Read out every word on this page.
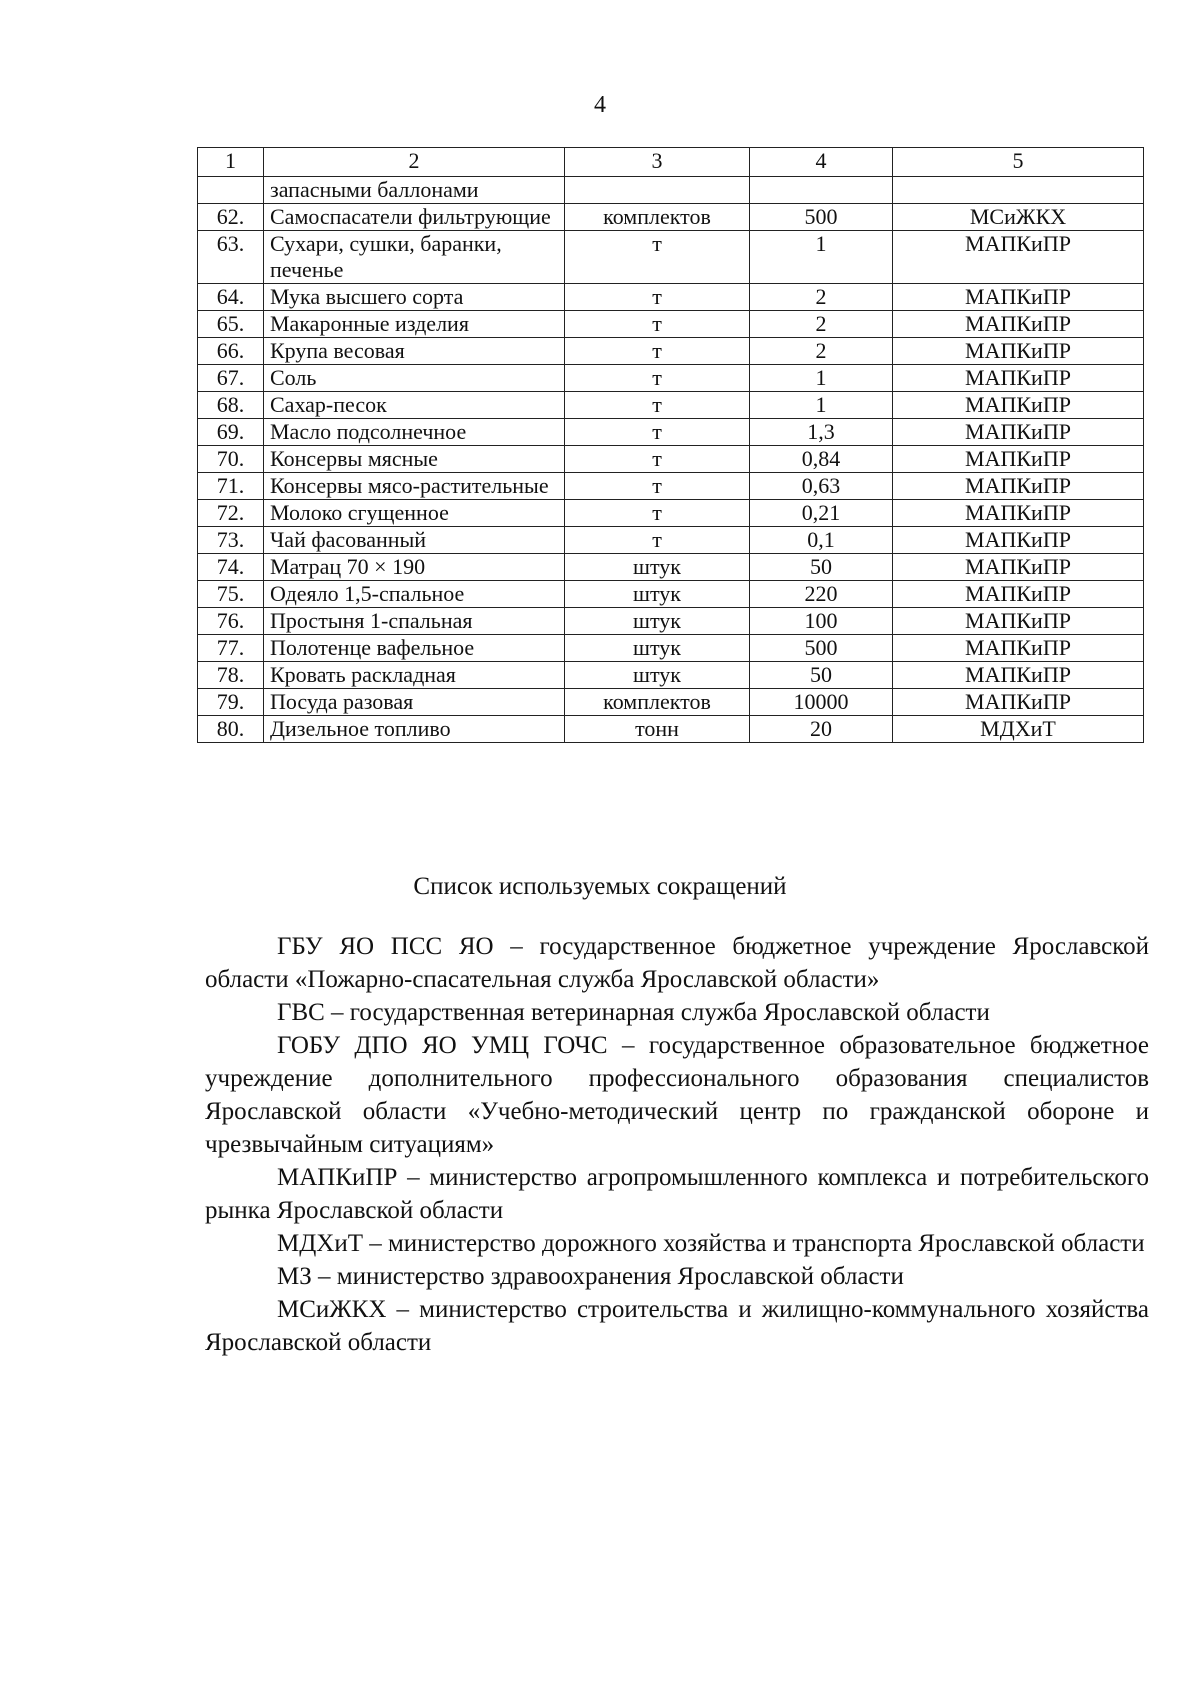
4
1	2	3	4	5
	запасными баллонами			
62.	Самоспасатели фильтрующие	комплектов	500	МСиЖКХ
63.	Сухари, сушки, баранки, печенье	т	1	МАПКиПР
64.	Мука высшего сорта	т	2	МАПКиПР
65.	Макаронные изделия	т	2	МАПКиПР
66.	Крупа весовая	т	2	МАПКиПР
67.	Соль	т	1	МАПКиПР
68.	Сахар-песок	т	1	МАПКиПР
69.	Масло подсолнечное	т	1,3	МАПКиПР
70.	Консервы мясные	т	0,84	МАПКиПР
71.	Консервы мясо-растительные	т	0,63	МАПКиПР
72.	Молоко сгущенное	т	0,21	МАПКиПР
73.	Чай фасованный	т	0,1	МАПКиПР
74.	Матрац 70 × 190	штук	50	МАПКиПР
75.	Одеяло 1,5-спальное	штук	220	МАПКиПР
76.	Простыня 1-спальная	штук	100	МАПКиПР
77.	Полотенце вафельное	штук	500	МАПКиПР
78.	Кровать раскладная	штук	50	МАПКиПР
79.	Посуда разовая	комплектов	10000	МАПКиПР
80.	Дизельное топливо	тонн	20	МДХиТ
Список используемых сокращений

ГБУ ЯО ПСС ЯО – государственное бюджетное учреждение Ярославской области «Пожарно-спасательная служба Ярославской области»

ГВС – государственная ветеринарная служба Ярославской области

ГОБУ ДПО ЯО УМЦ ГОЧС – государственное образовательное бюджетное учреждение дополнительного профессионального образования специалистов Ярославской области «Учебно-методический центр по гражданской обороне и чрезвычайным ситуациям»

МАПКиПР – министерство агропромышленного комплекса и потребительского рынка Ярославской области

МДХиТ – министерство дорожного хозяйства и транспорта Ярославской области

МЗ – министерство здравоохранения Ярославской области

МСиЖКХ – министерство строительства и жилищно-коммунального хозяйства Ярославской области
